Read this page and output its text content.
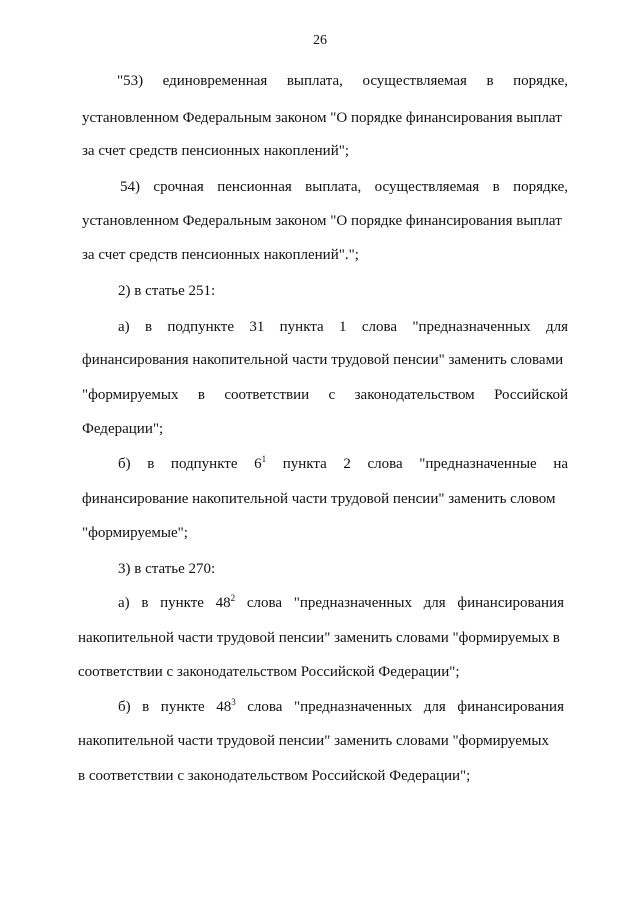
26

"53) единовременная выплата, осуществляемая в порядке,

установленном Федеральным законом "О порядке финансирования выплат

за счет средств пенсионных накоплений";

54) срочная пенсионная выплата, осуществляемая в порядке,

установленном Федеральным законом "О порядке финансирования выплат

за счет средств пенсионных накоплений".";

2) в статье 251:

а) в подпункте 31 пункта 1 слова "предназначенных для

финансирования накопительной части трудовой пенсии" заменить словами

"формируемых в соответствии с законодательством Российской

Федерации";

б) в подпункте $6^1$ пункта 2 слова "предназначенные на

финансирование накопительной части трудовой пенсии" заменить словом

"формируемые";

3) в статье 270:

а) в пункте $48^2$ слова "предназначенных для финансирования

накопительной части трудовой пенсии" заменить словами "формируемых в

соответствии с законодательством Российской Федерации";

б) в пункте $48^3$ слова "предназначенных для финансирования

накопительной части трудовой пенсии" заменить словами "формируемых

в соответствии с законодательством Российской Федерации";
